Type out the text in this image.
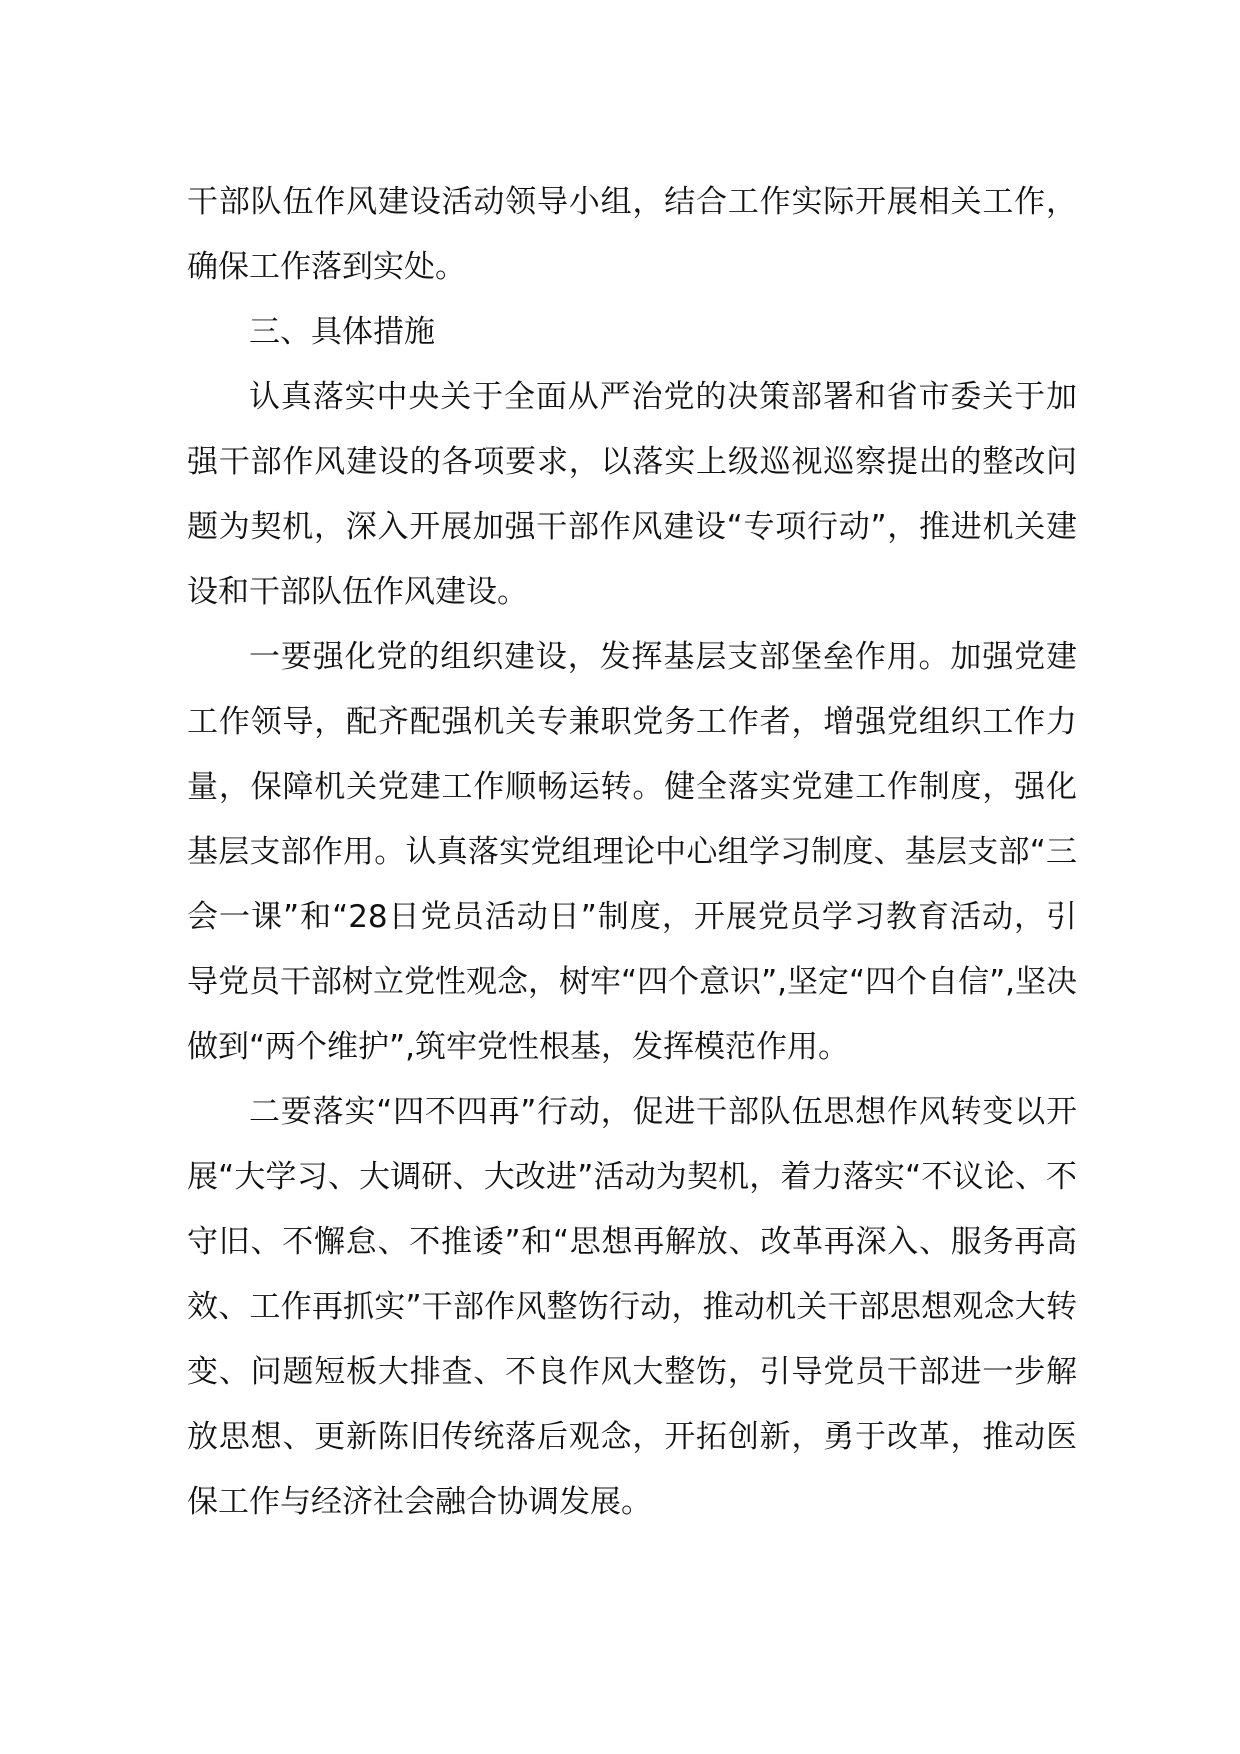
干部队伍作风建设活动领导小组，结合工作实际开展相关工作，确保工作落到实处。

三、具体措施

认真落实中央关于全面从严治党的决策部署和省市委关于加强干部作风建设的各项要求，以落实上级巡视巡察提出的整改问题为契机，深入开展加强干部作风建设“专项行动”，推进机关建设和干部队伍作风建设。

一要强化党的组织建设，发挥基层支部堡垒作用。加强党建工作领导，配齐配强机关专兼职党务工作者，增强党组织工作力量，保障机关党建工作顺畅运转。健全落实党建工作制度，强化基层支部作用。认真落实党组理论中心组学习制度、基层支部“三会一课”和“28日党员活动日”制度，开展党员学习教育活动，引导党员干部树立党性观念，树牢“四个意识”,坚定“四个自信”,坚决做到“两个维护”,筑牢党性根基，发挥模范作用。

二要落实“四不四再”行动，促进干部队伍思想作风转变以开展“大学习、大调研、大改进”活动为契机，着力落实“不议论、不守旧、不懈怠、不推诿”和“思想再解放、改革再深入、服务再高效、工作再抓实”干部作风整饬行动，推动机关干部思想观念大转变、问题短板大排查、不良作风大整饬，引导党员干部进一步解放思想、更新陈旧传统落后观念，开拓创新，勇于改革，推动医保工作与经济社会融合协调发展。
